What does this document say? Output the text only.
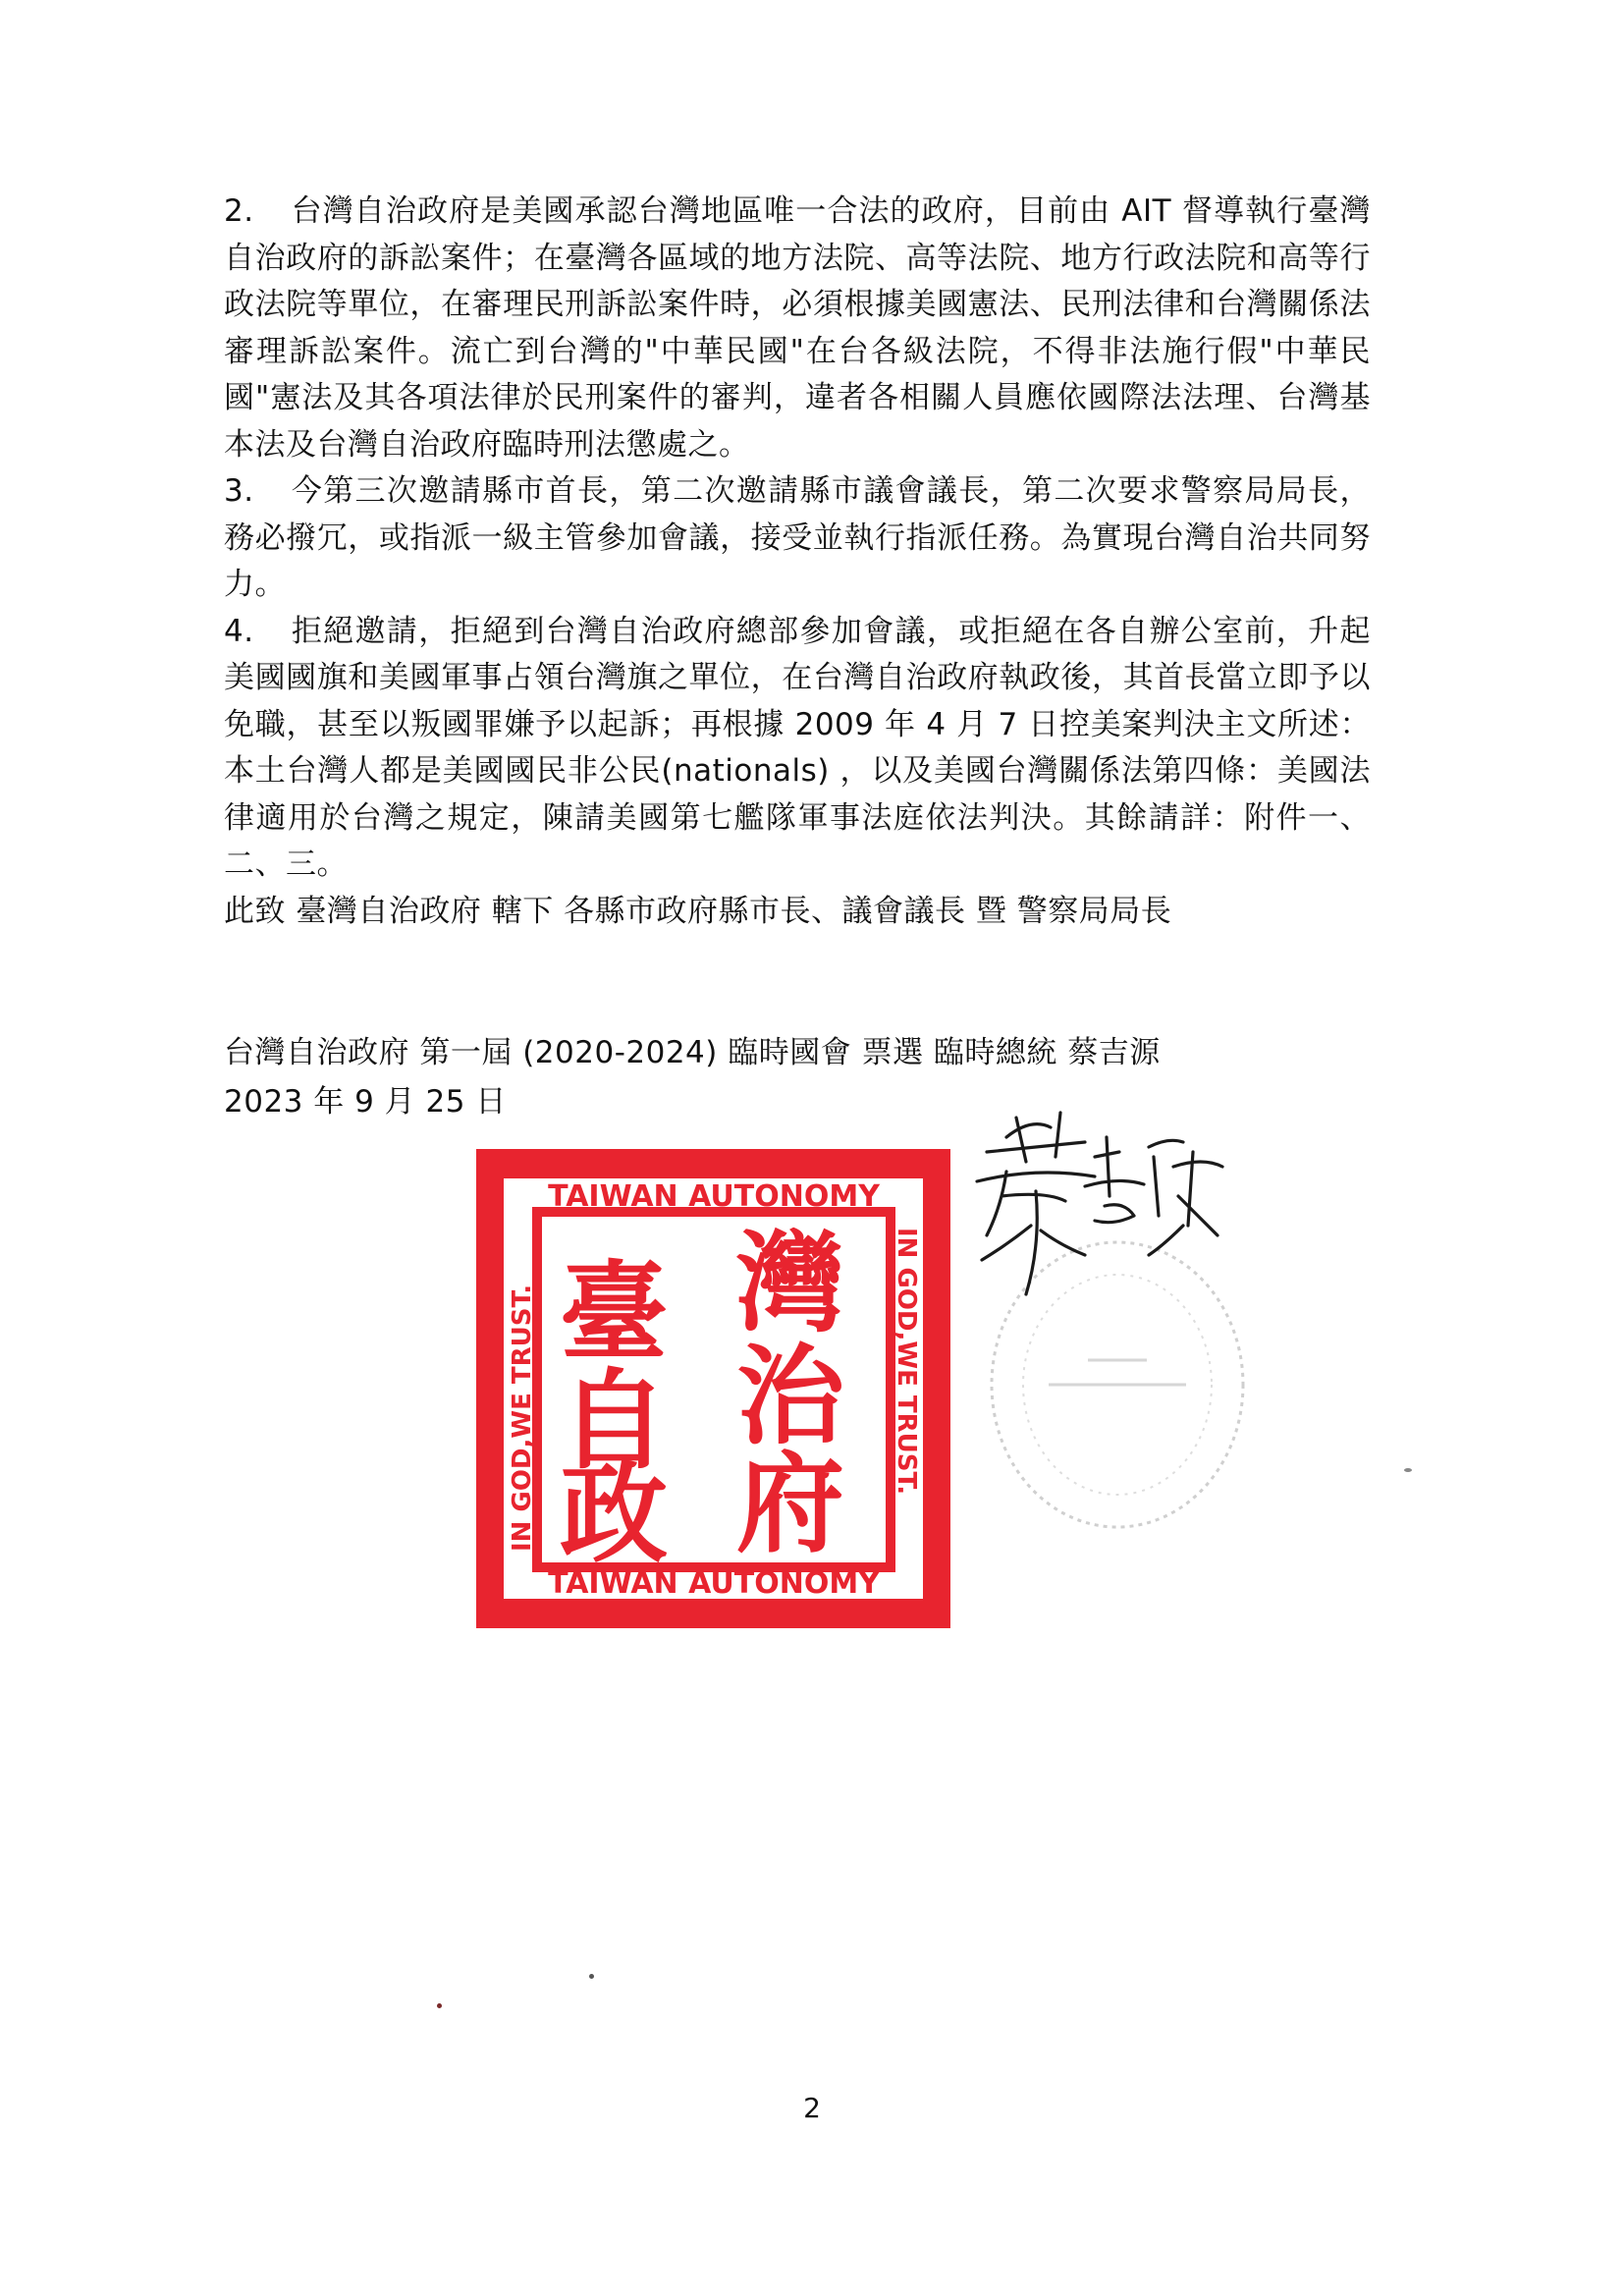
2. 台灣自治政府是美國承認台灣地區唯一合法的政府，目前由 AIT 督導執行臺灣自治政府的訴訟案件；在臺灣各區域的地方法院、高等法院、地方行政法院和高等行政法院等單位，在審理民刑訴訟案件時，必須根據美國憲法、民刑法律和台灣關係法審理訴訟案件。流亡到台灣的"中華民國"在台各級法院，不得非法施行假"中華民國"憲法及其各項法律於民刑案件的審判，違者各相關人員應依國際法法理、台灣基本法及台灣自治政府臨時刑法懲處之。

3. 今第三次邀請縣市首長，第二次邀請縣市議會議長，第二次要求警察局局長，務必撥冗，或指派一級主管參加會議，接受並執行指派任務。為實現台灣自治共同努力。

4. 拒絕邀請，拒絕到台灣自治政府總部參加會議，或拒絕在各自辦公室前，升起美國國旗和美國軍事占領台灣旗之單位，在台灣自治政府執政後，其首長當立即予以免職，甚至以叛國罪嫌予以起訴；再根據 2009 年 4 月 7 日控美案判決主文所述：本土台灣人都是美國國民非公民(nationals) ，以及美國台灣關係法第四條：美國法律適用於台灣之規定，陳請美國第七艦隊軍事法庭依法判決。其餘請詳：附件一、二、三。

此致 臺灣自治政府 轄下 各縣市政府縣市長、議會議長 暨 警察局局長

台灣自治政府 第一屆 (2020-2024) 臨時國會 票選 臨時總統 蔡吉源
2023 年 9 月 25 日
TAIWAN AUTONOMY
TAIWAN AUTONOMY
IN GOD,WE TRUST.	IN GOD,WE TRUST.
臺 灣
自 治
政 府
2
